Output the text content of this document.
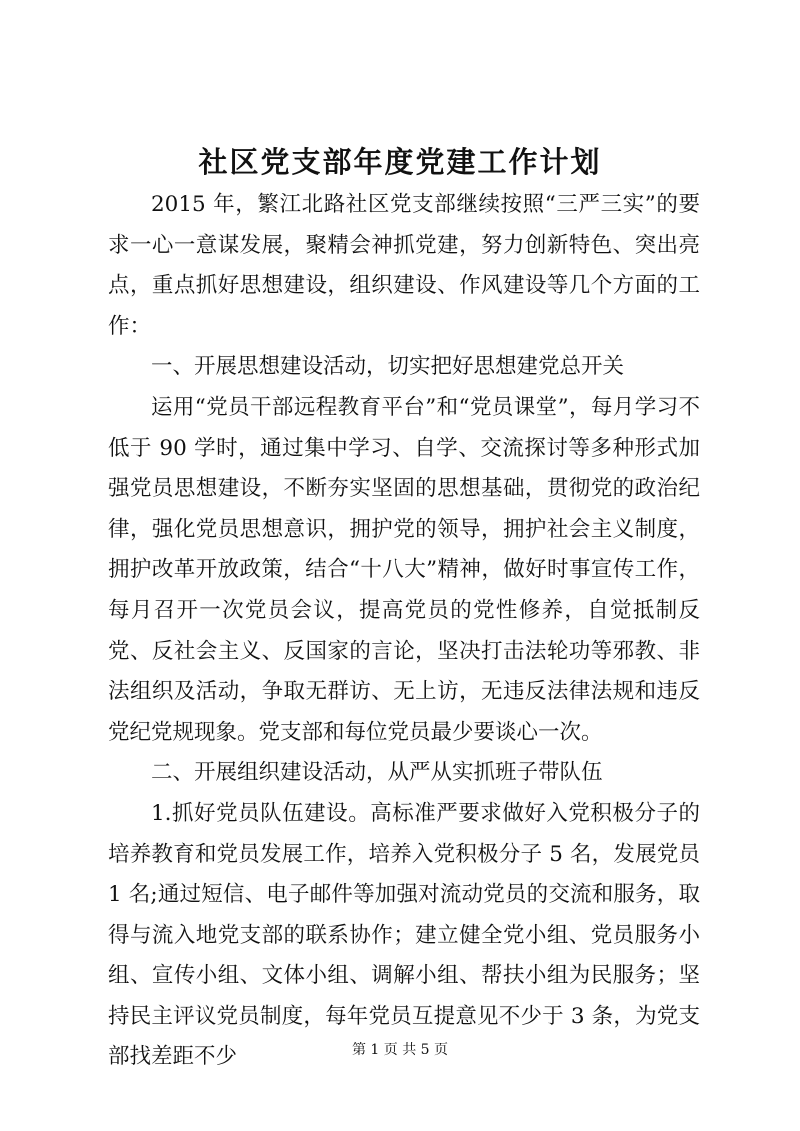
社区党支部年度党建工作计划

2015 年，繁江北路社区党支部继续按照“三严三实”的要求一心一意谋发展，聚精会神抓党建，努力创新特色、突出亮点，重点抓好思想建设，组织建设、作风建设等几个方面的工作：

一、开展思想建设活动，切实把好思想建党总开关

运用“党员干部远程教育平台”和“党员课堂”，每月学习不低于 90 学时，通过集中学习、自学、交流探讨等多种形式加强党员思想建设，不断夯实坚固的思想基础，贯彻党的政治纪律，强化党员思想意识，拥护党的领导，拥护社会主义制度，拥护改革开放政策，结合“十八大”精神，做好时事宣传工作，每月召开一次党员会议，提高党员的党性修养，自觉抵制反党、反社会主义、反国家的言论，坚决打击法轮功等邪教、非法组织及活动，争取无群访、无上访，无违反法律法规和违反党纪党规现象。党支部和每位党员最少要谈心一次。

二、开展组织建设活动，从严从实抓班子带队伍

1.抓好党员队伍建设。高标准严要求做好入党积极分子的培养教育和党员发展工作，培养入党积极分子 5 名，发展党员 1 名;通过短信、电子邮件等加强对流动党员的交流和服务，取得与流入地党支部的联系协作；建立健全党小组、党员服务小组、宣传小组、文体小组、调解小组、帮扶小组为民服务；坚持民主评议党员制度，每年党员互提意见不少于 3 条，为党支部找差距不少	第 1 页 共 5 页
